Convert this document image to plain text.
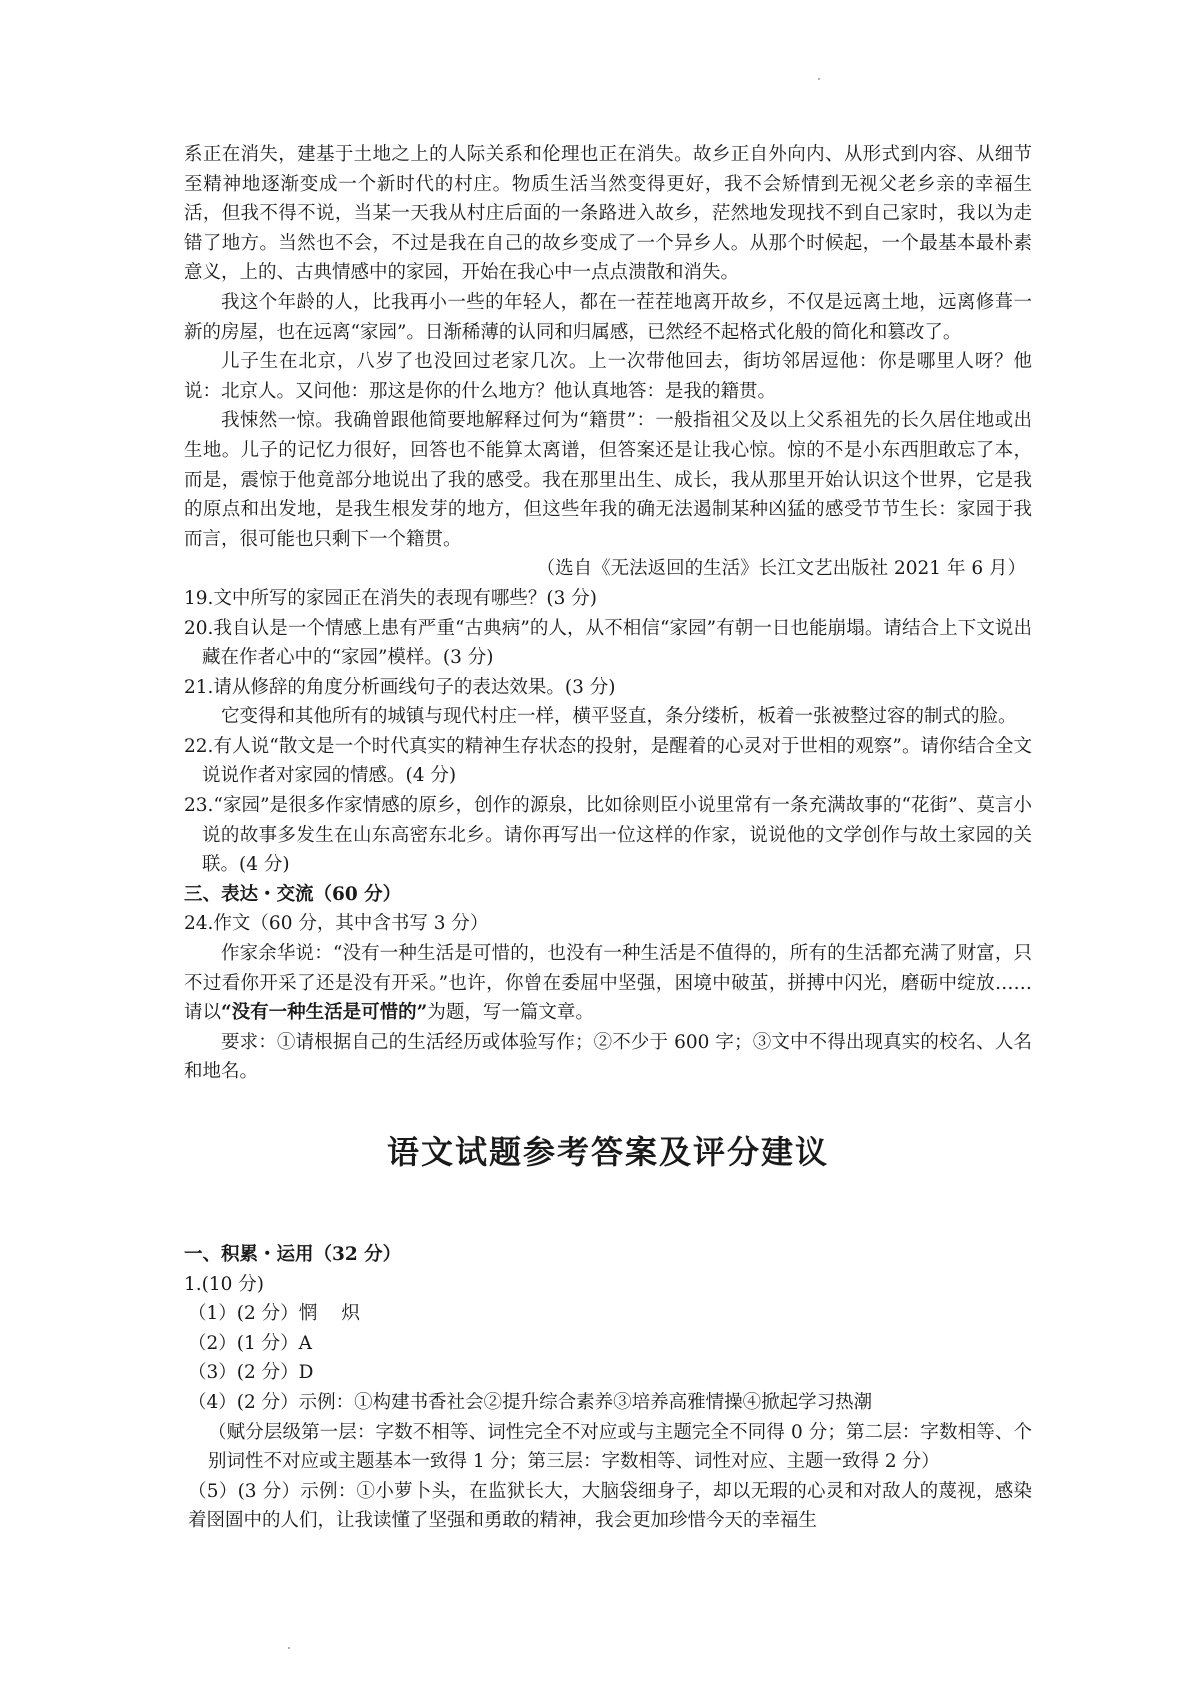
系正在消失，建基于土地之上的人际关系和伦理也正在消失。故乡正自外向内、从形式到内容、从细节至精神地逐渐变成一个新时代的村庄。物质生活当然变得更好，我不会矫情到无视父老乡亲的幸福生活，但我不得不说，当某一天我从村庄后面的一条路进入故乡，茫然地发现找不到自己家时，我以为走错了地方。当然也不会，不过是我在自己的故乡变成了一个异乡人。从那个时候起，一个最基本最朴素意义，上的、古典情感中的家园，开始在我心中一点点溃散和消失。

我这个年龄的人，比我再小一些的年轻人，都在一茬茬地离开故乡，不仅是远离土地，远离修葺一新的房屋，也在远离“家园”。日渐稀薄的认同和归属感，已然经不起格式化般的简化和篡改了。

儿子生在北京，八岁了也没回过老家几次。上一次带他回去，街坊邻居逗他：你是哪里人呀？他说：北京人。又问他：那这是你的什么地方？他认真地答：是我的籍贯。

我悚然一惊。我确曾跟他简要地解释过何为“籍贯”：一般指祖父及以上父系祖先的长久居住地或出生地。儿子的记忆力很好，回答也不能算太离谱，但答案还是让我心惊。惊的不是小东西胆敢忘了本，而是，震惊于他竟部分地说出了我的感受。我在那里出生、成长，我从那里开始认识这个世界，它是我的原点和出发地，是我生根发芽的地方，但这些年我的确无法遏制某种凶猛的感受节节生长：家园于我而言，很可能也只剩下一个籍贯。

（选自《无法返回的生活》长江文艺出版社 2021 年 6 月）

19.文中所写的家园正在消失的表现有哪些？(3 分)

20.我自认是一个情感上患有严重“古典病”的人，从不相信“家园”有朝一日也能崩塌。请结合上下文说出藏在作者心中的“家园”模样。(3 分)

21.请从修辞的角度分析画线句子的表达效果。(3 分)

它变得和其他所有的城镇与现代村庄一样，横平竖直，条分缕析，板着一张被整过容的制式的脸。

22.有人说“散文是一个时代真实的精神生存状态的投射，是醒着的心灵对于世相的观察”。请你结合全文说说作者对家园的情感。(4 分)

23.“家园”是很多作家情感的原乡，创作的源泉，比如徐则臣小说里常有一条充满故事的“花街”、莫言小说的故事多发生在山东高密东北乡。请你再写出一位这样的作家，说说他的文学创作与故土家园的关联。(4 分)

三、表达・交流（60 分）

24.作文（60 分，其中含书写 3 分）

作家余华说：“没有一种生活是可惜的，也没有一种生活是不值得的，所有的生活都充满了财富，只不过看你开采了还是没有开采。”也许，你曾在委屈中坚强，困境中破茧，拼搏中闪光，磨砺中绽放……请以“没有一种生活是可惜的”为题，写一篇文章。

要求：①请根据自己的生活经历或体验写作；②不少于 600 字；③文中不得出现真实的校名、人名和地名。

语文试题参考答案及评分建议

一、积累・运用（32 分）

1.(10 分)

（1）(2 分）惘　 炽

（2）(1 分）A

（3）(2 分）D

（4）(2 分）示例：①构建书香社会②提升综合素养③培养高雅情操④掀起学习热潮

（赋分层级第一层：字数不相等、词性完全不对应或与主题完全不同得 0 分；第二层：字数相等、个别词性不对应或主题基本一致得 1 分；第三层：字数相等、词性对应、主题一致得 2 分）

（5）(3 分）示例：①小萝卜头，在监狱长大，大脑袋细身子，却以无瑕的心灵和对敌人的蔑视，感染着囹圄中的人们，让我读懂了坚强和勇敢的精神，我会更加珍惜今天的幸福生
